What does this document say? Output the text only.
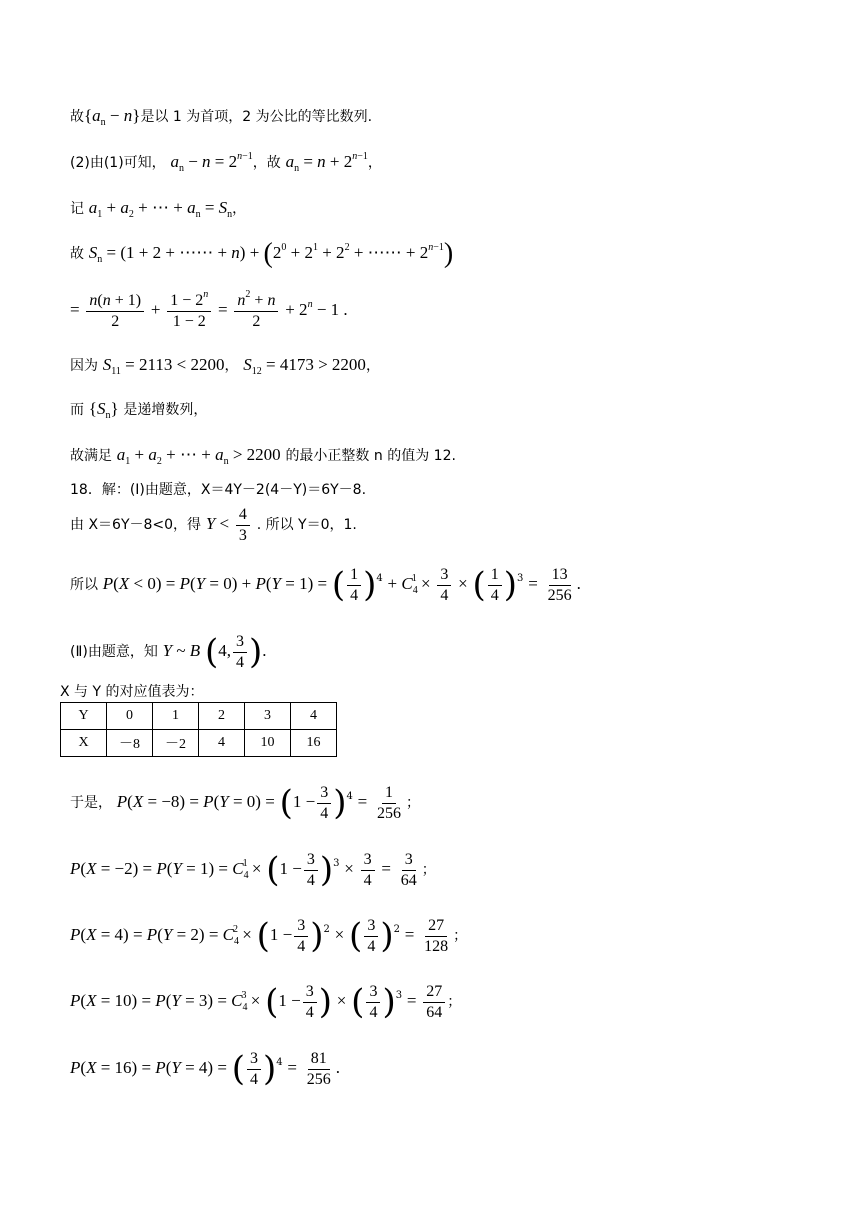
故$\{a_n - n\}$是以 1 为首项，2 为公比的等比数列.
(2)由(1)可知， $a_n - n = 2^{n-1}$，故 $a_n = n + 2^{n-1}$，
记 $a_1 + a_2$ + ⋯ + $a_n = S_n$，
故 $S_n = (1 + 2$ + ⋯⋯ + $n) + (2^0 + 2^1 + 2^2$ + ⋯⋯ + $2^{n-1}$)
= $\frac{n(n + 1)}{2} + \frac{1 - 2^n}{1 - 2} = \frac{n^2 + n}{2} + 2^n - 1$ .
因为 $S_{11} = 2113 < 2200$， $S_{12} = 4173 > 2200$，
而 $\{S_n\}$ 是递增数列，
故满足 $a_1 + a_2$ + ⋯ + $a_n > 2200$ 的最小正整数 n 的值为 12.
18．解：(Ⅰ)由题意，X＝4Y－2(4－Y)＝6Y－8.
由 X＝6Y－8<0，得 $Y < \frac{4}{3}$ . 所以 Y＝0，1.
所以 P(X < 0) = P(Y = 0) + P(Y = 1) = ( $\frac{1}{4} )^4 + C_4^1 \times \frac{3}{4}$ × ( $\frac{1}{4} )^3 = \frac{13}{256}$ .
(Ⅱ)由题意，知 Y ~ B (4, $\frac{3}{4}$ ).
X 与 Y 的对应值表为：
Y	0	1	2	3	4
X	－8	－2	4	10	16
于是， $P(X = -8) = P(Y = 0) = (1 - \frac{3}{4} )^4 = \frac{1}{256}$ ；
$P(X = -2) = P(Y = 1) = C_4^1 \times (1 - \frac{3}{4} )^3 \times \frac{3}{4} = \frac{3}{64}$ ；
$P(X = 4) = P(Y = 2) = C_4^2 \times (1 - \frac{3}{4} )^2$ × ( $\frac{3}{4} )^2 = \frac{27}{128}$ ；
$P(X = 10) = P(Y = 3) = C_4^3 \times (1 - \frac{3}{4}$ ) × ( $\frac{3}{4} )^3 = \frac{27}{64}$ ；
P(X = 16) = P(Y = 4) = ( $\frac{3}{4} )^4 = \frac{81}{256}$ .
